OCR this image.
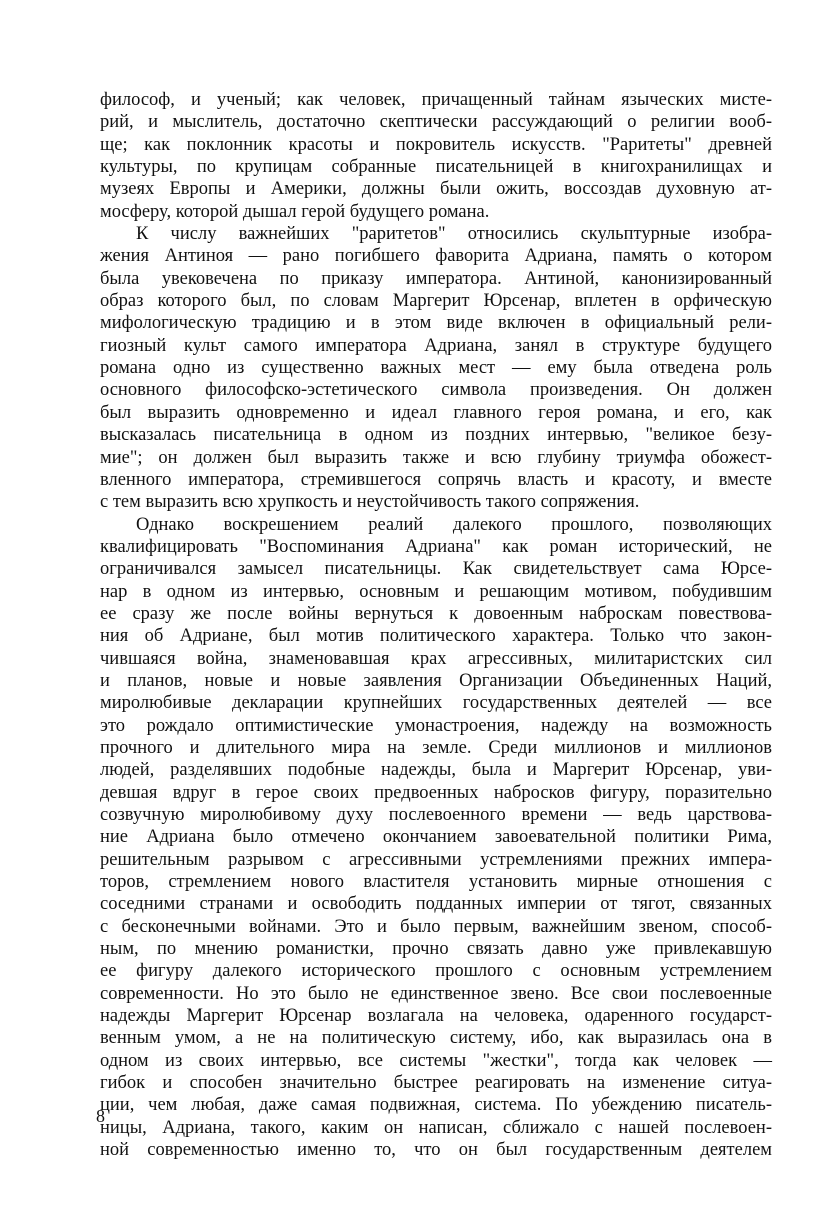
философ, и ученый; как человек, причащенный тайнам языческих мисте-
рий, и мыслитель, достаточно скептически рассуждающий о религии вооб-
ще; как поклонник красоты и покровитель искусств. "Раритеты" древней
культуры, по крупицам собранные писательницей в книгохранилищах и
музеях Европы и Америки, должны были ожить, воссоздав духовную ат-
мосферу, которой дышал герой будущего романа.
К числу важнейших "раритетов" относились скульптурные изобра-
жения Антиноя — рано погибшего фаворита Адриана, память о котором
была увековечена по приказу императора. Антиной, канонизированный
образ которого был, по словам Маргерит Юрсенар, вплетен в орфическую
мифологическую традицию и в этом виде включен в официальный рели-
гиозный культ самого императора Адриана, занял в структуре будущего
романа одно из существенно важных мест — ему была отведена роль
основного философско-эстетического символа произведения. Он должен
был выразить одновременно и идеал главного героя романа, и его, как
высказалась писательница в одном из поздних интервью, "великое безу-
мие"; он должен был выразить также и всю глубину триумфа обожест-
вленного императора, стремившегося сопрячь власть и красоту, и вместе
с тем выразить всю хрупкость и неустойчивость такого сопряжения.
Однако воскрешением реалий далекого прошлого, позволяющих
квалифицировать "Воспоминания Адриана" как роман исторический, не
ограничивался замысел писательницы. Как свидетельствует сама Юрсе-
нар в одном из интервью, основным и решающим мотивом, побудившим
ее сразу же после войны вернуться к довоенным наброскам повествова-
ния об Адриане, был мотив политического характера. Только что закон-
чившаяся война, знаменовавшая крах агрессивных, милитаристских сил
и планов, новые и новые заявления Организации Объединенных Наций,
миролюбивые декларации крупнейших государственных деятелей — все
это рождало оптимистические умонастроения, надежду на возможность
прочного и длительного мира на земле. Среди миллионов и миллионов
людей, разделявших подобные надежды, была и Маргерит Юрсенар, уви-
девшая вдруг в герое своих предвоенных набросков фигуру, поразительно
созвучную миролюбивому духу послевоенного времени — ведь царствова-
ние Адриана было отмечено окончанием завоевательной политики Рима,
решительным разрывом с агрессивными устремлениями прежних импера-
торов, стремлением нового властителя установить мирные отношения с
соседними странами и освободить подданных империи от тягот, связанных
с бесконечными войнами. Это и было первым, важнейшим звеном, способ-
ным, по мнению романистки, прочно связать давно уже привлекавшую
ее фигуру далекого исторического прошлого с основным устремлением
современности. Но это было не единственное звено. Все свои послевоенные
надежды Маргерит Юрсенар возлагала на человека, одаренного государст-
венным умом, а не на политическую систему, ибо, как выразилась она в
одном из своих интервью, все системы "жестки", тогда как человек —
гибок и способен значительно быстрее реагировать на изменение ситуа-
ции, чем любая, даже самая подвижная, система. По убеждению писатель-
ницы, Адриана, такого, каким он написан, сближало с нашей послевоен-
ной современностью именно то, что он был государственным деятелем
8
